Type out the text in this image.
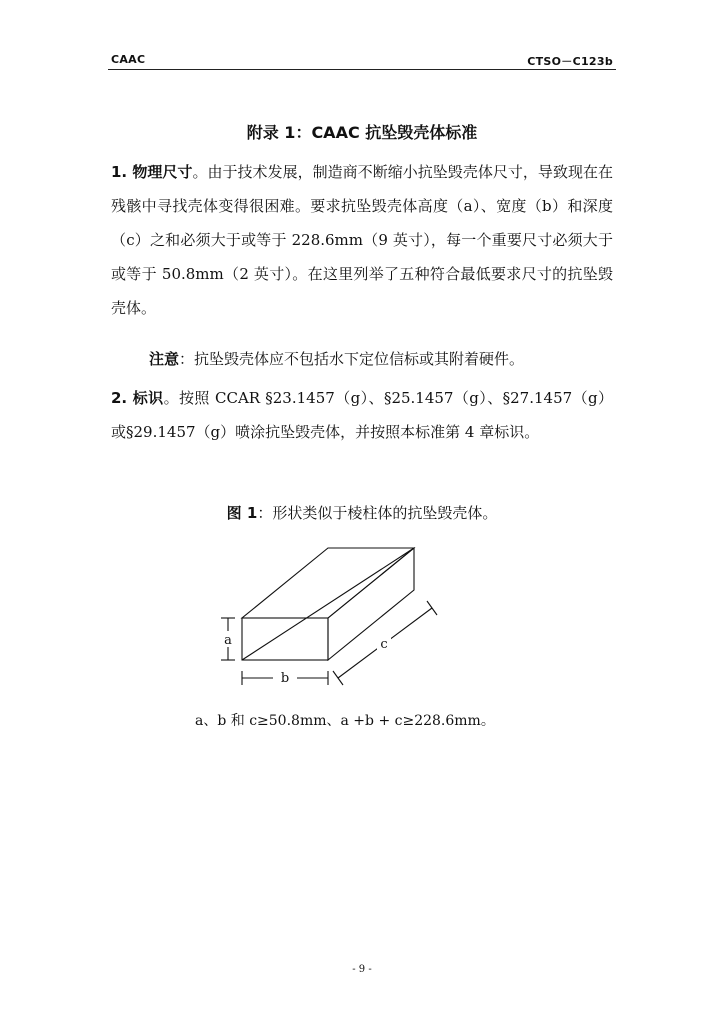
CAAC	CTSO－C123b
附录 1：CAAC 抗坠毁壳体标准

1. 物理尺寸。由于技术发展，制造商不断缩小抗坠毁壳体尺寸，导致现在在残骸中寻找壳体变得很困难。要求抗坠毁壳体高度（a）、宽度（b）和深度（c）之和必须大于或等于 228.6mm（9 英寸），每一个重要尺寸必须大于或等于 50.8mm（2 英寸）。在这里列举了五种符合最低要求尺寸的抗坠毁壳体。

注意：抗坠毁壳体应不包括水下定位信标或其附着硬件。

2. 标识。按照 CCAR §23.1457（g）、§25.1457（g）、§27.1457（g）或§29.1457（g）喷涂抗坠毁壳体，并按照本标准第 4 章标识。

图 1：形状类似于棱柱体的抗坠毁壳体。
a
b
c
a、b 和 c≥50.8mm、a +b + c≥228.6mm。
- 9 -
